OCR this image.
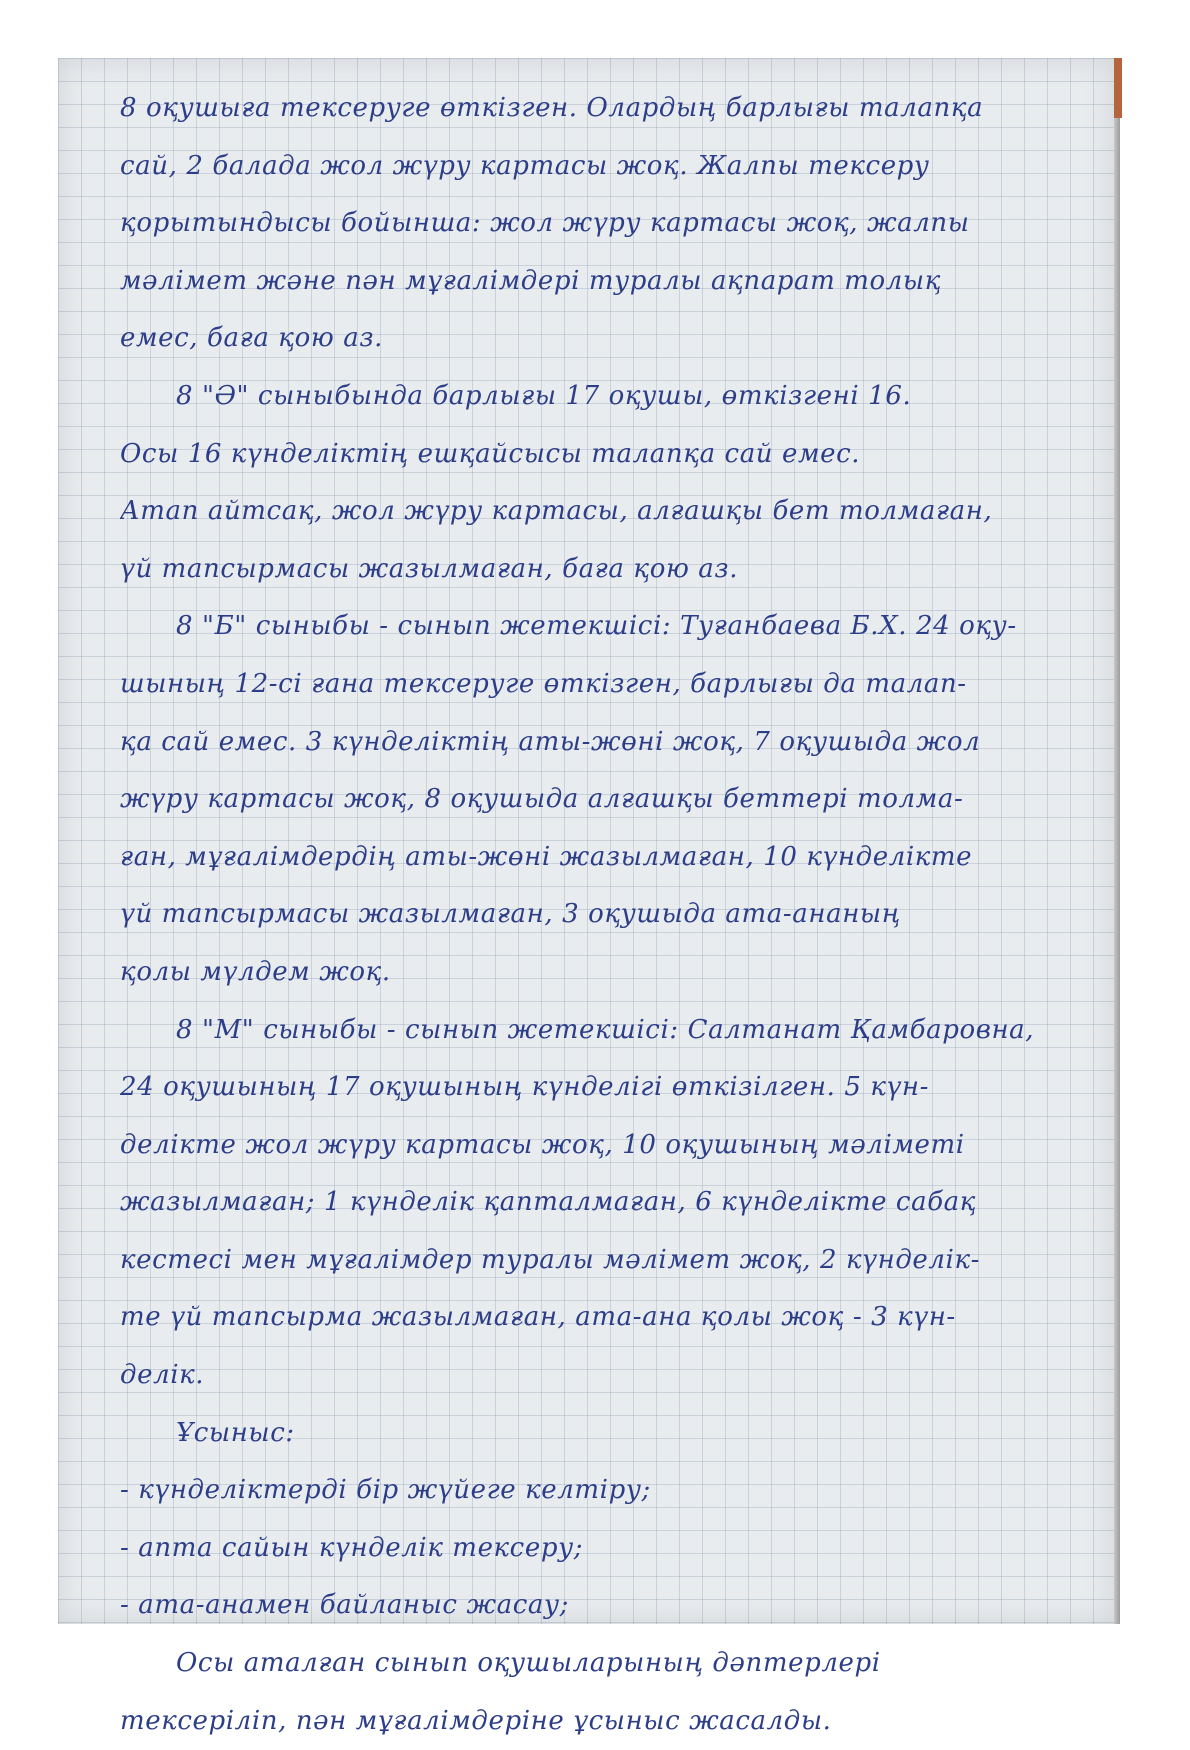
8 оқушыға тексеруге өткізген. Олардың барлығы талапқа
сай, 2 балада жол жүру картасы жоқ. Жалпы тексеру
қорытындысы бойынша: жол жүру картасы жоқ, жалпы
мәлімет және пән мұғалімдері туралы ақпарат толық
емес, баға қою аз.
8 "Ә" сыныбында барлығы 17 оқушы, өткізгені 16.
Осы 16 күнделіктің ешқайсысы талапқа сай емес.
Атап айтсақ, жол жүру картасы, алғашқы бет толмаған,
үй тапсырмасы жазылмаған, баға қою аз.
8 "Б" сыныбы - сынып жетекшісі: Туғанбаева Б.Х. 24 оқу-
шының 12-сі ғана тексеруге өткізген, барлығы да талап-
қа сай емес. 3 күнделіктің аты-жөні жоқ, 7 оқушыда жол
жүру картасы жоқ, 8 оқушыда алғашқы беттері толма-
ған, мұғалімдердің аты-жөні жазылмаған, 10 күнделікте
үй тапсырмасы жазылмаған, 3 оқушыда ата-ананың
қолы мүлдем жоқ.
8 "М" сыныбы - сынып жетекшісі: Салтанат Қамбаровна,
24 оқушының 17 оқушының күнделігі өткізілген. 5 күн-
делікте жол жүру картасы жоқ, 10 оқушының мәліметі
жазылмаған; 1 күнделік қапталмаған, 6 күнделікте сабақ
кестесі мен мұғалімдер туралы мәлімет жоқ, 2 күнделік-
те үй тапсырма жазылмаған, ата-ана қолы жоқ - 3 күн-
делік.
Ұсыныс:
- күнделіктерді бір жүйеге келтіру;
- апта сайын күнделік тексеру;
- ата-анамен байланыс жасау;
Осы аталған сынып оқушыларының дәптерлері
тексеріліп, пән мұғалімдеріне ұсыныс жасалды.
